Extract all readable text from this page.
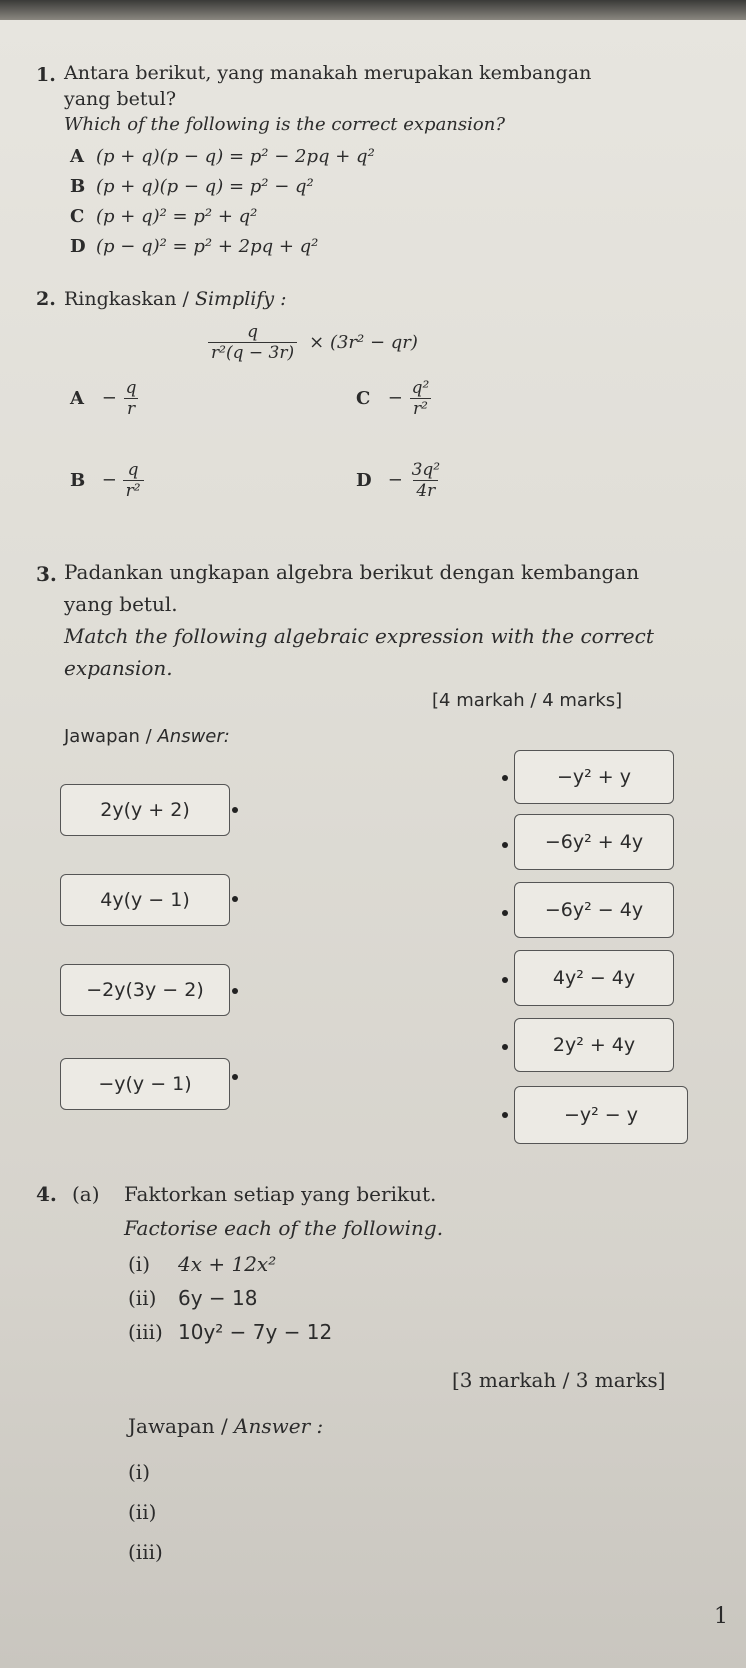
1. Antara berikut, yang manakah merupakan kembangan
yang betul?
Which of the following is the correct expansion?
A (p + q)(p − q) = p² − 2pq + q²
B (p + q)(p − q) = p² − q²
C (p + q)² = p² + q²
D (p − q)² = p² + 2pq + q²
2. Ringkaskan / Simplify :
$\frac{q}{\text{r²(q − 3r)}} \times (3r^2 - qr)$
$A - \frac{q}{r}$
$B - \frac{q}{\text{r²}}$
$C - \frac{\text{q²}}{\text{r²}}$
$D - \frac{\text{3q²}}{4r}$
3. Padankan ungkapan algebra berikut dengan kembangan
yang betul.
Match the following algebraic expression with the correct
expansion.
[4 markah / 4 marks]
Jawapan / Answer:
2y(y + 2)
4y(y − 1)
−2y(3y − 2)
−y(y − 1)
−y² + y
−6y² + 4y
−6y² − 4y
4y² − 4y
2y² + 4y
−y² − y
4. (a) Faktorkan setiap yang berikut.
Factorise each of the following.
(i) 4x + 12x²
(ii) 6y − 18
(iii) 10y² − 7y − 12
[3 markah / 3 marks]
Jawapan / Answer :
(i)
(ii)
(iii)
1
